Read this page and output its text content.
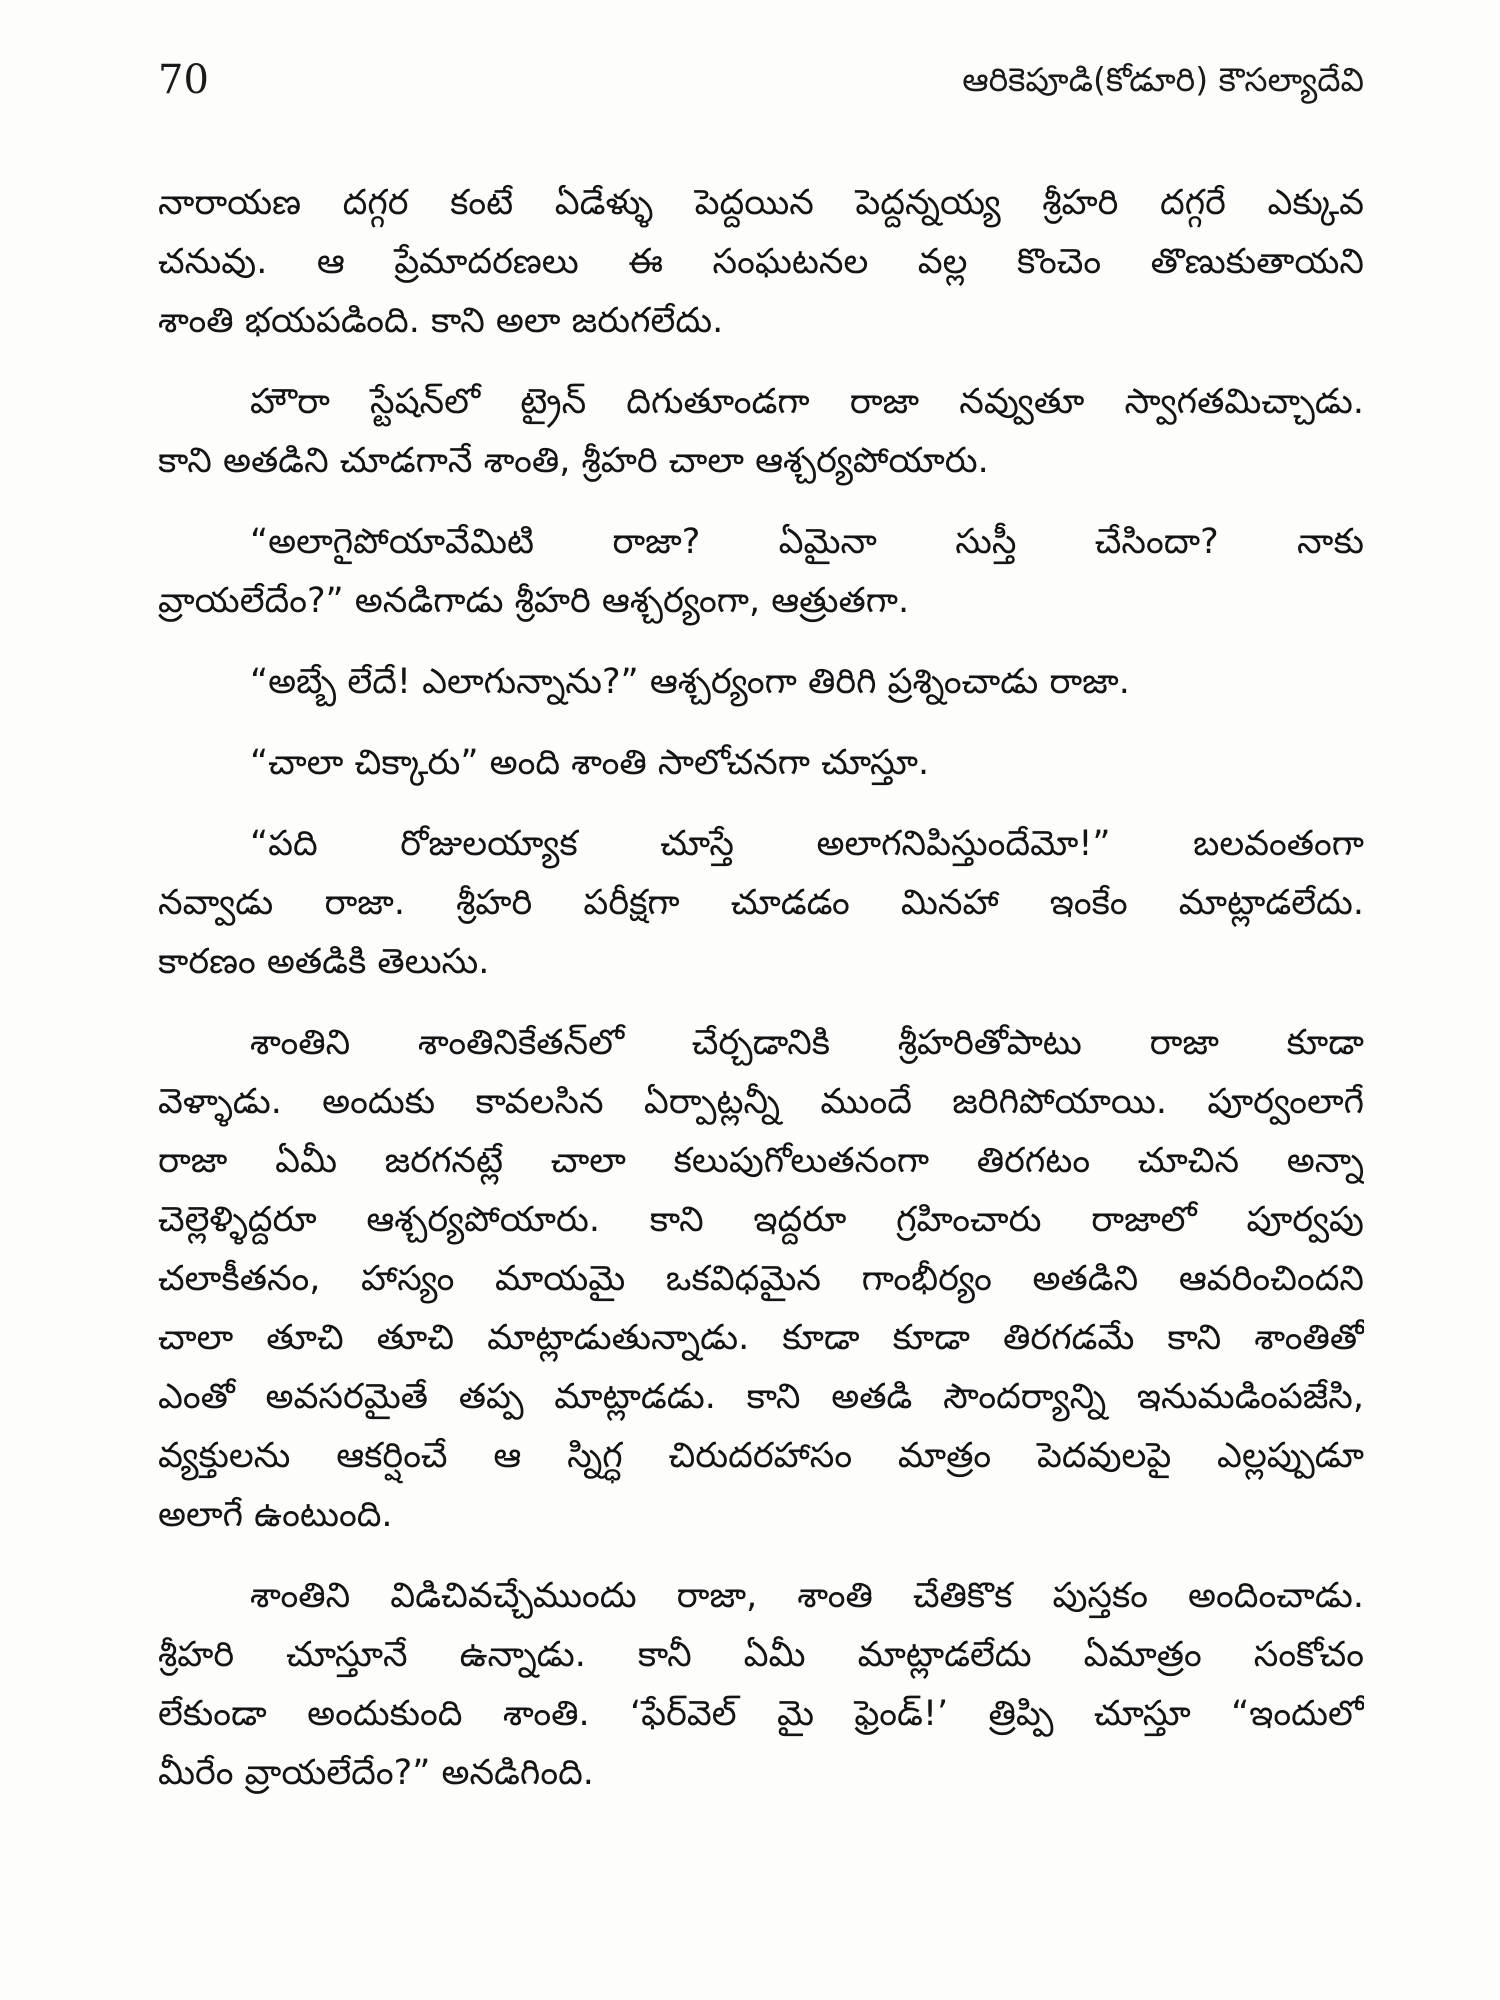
70	ఆరికెపూడి(కోడూరి) కౌసల్యాదేవి
నారాయణ దగ్గర కంటే ఏడేళ్ళు పెద్దయిన పెద్దన్నయ్య శ్రీహరి దగ్గరే ఎక్కువ
చనువు. ఆ ప్రేమాదరణలు ఈ సంఘటనల వల్ల కొంచెం తొణుకుతాయని
శాంతి భయపడింది. కాని అలా జరుగలేదు.
హౌరా స్టేషన్‌లో ట్రైన్ దిగుతూండగా రాజా నవ్వుతూ స్వాగతమిచ్చాడు.
కాని అతడిని చూడగానే శాంతి, శ్రీహరి చాలా ఆశ్చర్యపోయారు.
“అలాగైపోయావేమిటి రాజా? ఏమైనా సుస్తీ చేసిందా? నాకు
వ్రాయలేదేం?” అనడిగాడు శ్రీహరి ఆశ్చర్యంగా, ఆత్రుతగా.
“అబ్బే లేదే! ఎలాగున్నాను?” ఆశ్చర్యంగా తిరిగి ప్రశ్నించాడు రాజా.
“చాలా చిక్కారు” అంది శాంతి సాలోచనగా చూస్తూ.
“పది రోజులయ్యాక చూస్తే అలాగనిపిస్తుందేమో!” బలవంతంగా
నవ్వాడు రాజా. శ్రీహరి పరీక్షగా చూడడం మినహా ఇంకేం మాట్లాడలేదు.
కారణం అతడికి తెలుసు.
శాంతిని శాంతినికేతన్‌లో చేర్చడానికి శ్రీహరితోపాటు రాజా కూడా
వెళ్ళాడు. అందుకు కావలసిన ఏర్పాట్లన్నీ ముందే జరిగిపోయాయి. పూర్వంలాగే
రాజా ఏమీ జరగనట్లే చాలా కలుపుగోలుతనంగా తిరగటం చూచిన అన్నా
చెల్లెళ్ళిద్దరూ ఆశ్చర్యపోయారు. కాని ఇద్దరూ గ్రహించారు రాజాలో పూర్వపు
చలాకీతనం, హాస్యం మాయమై ఒకవిధమైన గాంభీర్యం అతడిని ఆవరించిందని
చాలా తూచి తూచి మాట్లాడుతున్నాడు. కూడా కూడా తిరగడమే కాని శాంతితో
ఎంతో అవసరమైతే తప్ప మాట్లాడడు. కాని అతడి సౌందర్యాన్ని ఇనుమడింపజేసి,
వ్యక్తులను ఆకర్షించే ఆ స్నిగ్ధ చిరుదరహాసం మాత్రం పెదవులపై ఎల్లప్పుడూ
అలాగే ఉంటుంది.
శాంతిని విడిచివచ్చేముందు రాజా, శాంతి చేతికొక పుస్తకం అందించాడు.
శ్రీహరి చూస్తూనే ఉన్నాడు. కానీ ఏమీ మాట్లాడలేదు ఏమాత్రం సంకోచం
లేకుండా అందుకుంది శాంతి. ‘ఫేర్‌వెల్ మై ఫ్రెండ్!’ త్రిప్పి చూస్తూ “ఇందులో
మీరేం వ్రాయలేదేం?” అనడిగింది.
